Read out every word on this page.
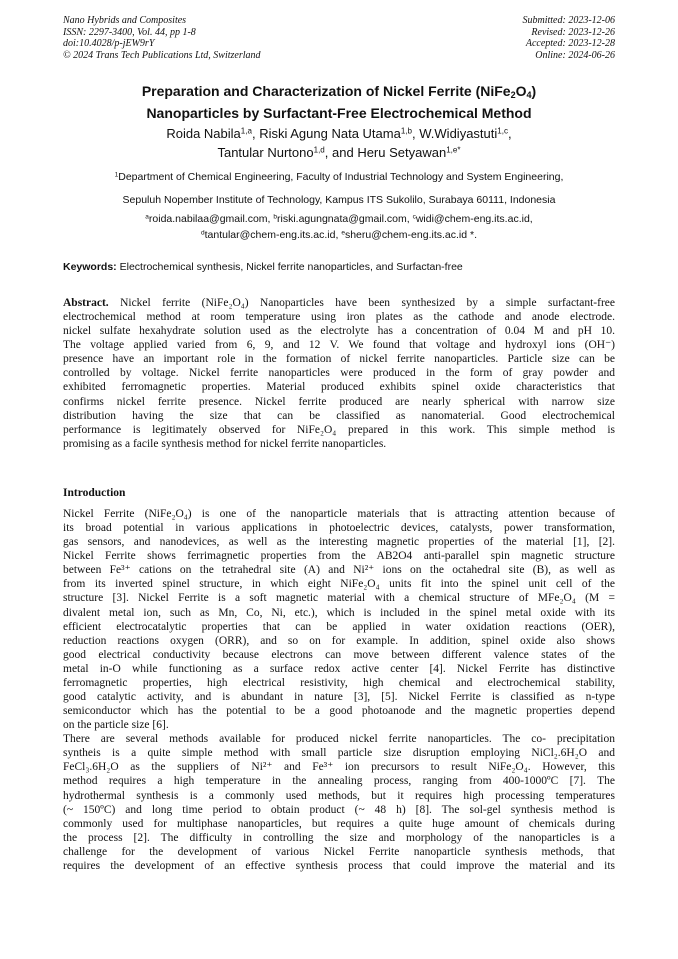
Nano Hybrids and Composites
ISSN: 2297-3400, Vol. 44, pp 1-8
doi:10.4028/p-jEW9rY
© 2024 Trans Tech Publications Ltd, Switzerland
Submitted: 2023-12-06
Revised: 2023-12-26
Accepted: 2023-12-28
Online: 2024-06-26
Preparation and Characterization of Nickel Ferrite $(NiFe_2O_4)$
Nanoparticles by Surfactant-Free Electrochemical Method
Roida Nabila$^{1,a}$, Riski Agung Nata Utama$^{1,b}$, W.Widiyastuti$^{1,c}$,
Tantular Nurtono$^{1,d}$, and Heru Setyawan$^{1,e*}$
$^1$Department of Chemical Engineering, Faculty of Industrial Technology and System Engineering,
Sepuluh Nopember Institute of Technology, Kampus ITS Sukolilo, Surabaya 60111, Indonesia
$^a$roida.nabilaa@gmail.com, $^b$riski.agungnata@gmail.com, $^c$widi@chem-eng.its.ac.id,
$^d$tantular@chem-eng.its.ac.id, $^e$sheru@chem-eng.its.ac.id *.
Keywords: Electrochemical synthesis, Nickel ferrite nanoparticles, and Surfactan-free
Abstract. Nickel ferrite (NiFe₂O₄) Nanoparticles have been synthesized by a simple surfactant-free
electrochemical method at room temperature using iron plates as the cathode and anode electrode.
nickel sulfate hexahydrate solution used as the electrolyte has a concentration of 0.04 M and pH 10.
The voltage applied varied from 6, 9, and 12 V. We found that voltage and hydroxyl ions (OH⁻)
presence have an important role in the formation of nickel ferrite nanoparticles. Particle size can be
controlled by voltage. Nickel ferrite nanoparticles were produced in the form of gray powder and
exhibited ferromagnetic properties. Material produced exhibits spinel oxide characteristics that
confirms nickel ferrite presence. Nickel ferrite produced are nearly spherical with narrow size
distribution having the size that can be classified as nanomaterial. Good electrochemical
performance is legitimately observed for NiFe₂O₄ prepared in this work. This simple method is
promising as a facile synthesis method for nickel ferrite nanoparticles.
Introduction
Nickel Ferrite (NiFe₂O₄) is one of the nanoparticle materials that is attracting attention because of
its broad potential in various applications in photoelectric devices, catalysts, power transformation,
gas sensors, and nanodevices, as well as the interesting magnetic properties of the material [1], [2].
Nickel Ferrite shows ferrimagnetic properties from the AB2O4 anti-parallel spin magnetic structure
between Fe³⁺ cations on the tetrahedral site (A) and Ni²⁺ ions on the octahedral site (B), as well as
from its inverted spinel structure, in which eight NiFe₂O₄ units fit into the spinel unit cell of the
structure [3]. Nickel Ferrite is a soft magnetic material with a chemical structure of MFe₂O₄ (M =
divalent metal ion, such as Mn, Co, Ni, etc.), which is included in the spinel metal oxide with its
efficient electrocatalytic properties that can be applied in water oxidation reactions (OER),
reduction reactions oxygen (ORR), and so on for example. In addition, spinel oxide also shows
good electrical conductivity because electrons can move between different valence states of the
metal in-O while functioning as a surface redox active center [4]. Nickel Ferrite has distinctive
ferromagnetic properties, high electrical resistivity, high chemical and electrochemical stability,
good catalytic activity, and is abundant in nature [3], [5]. Nickel Ferrite is classified as n-type
semiconductor which has the potential to be a good photoanode and the magnetic properties depend
on the particle size [6].
There are several methods available for produced nickel ferrite nanoparticles. The co- precipitation
syntheis is a quite simple method with small particle size disruption employing NiCl₂.6H₂O and
FeCl₃.6H₂O as the suppliers of Ni²⁺ and Fe³⁺ ion precursors to result NiFe₂O₄. However, this
method requires a high temperature in the annealing process, ranging from 400-1000ºC [7]. The
hydrothermal synthesis is a commonly used methods, but it requires high processing temperatures
(~ 150ºC) and long time period to obtain product (~ 48 h) [8]. The sol-gel synthesis method is
commonly used for multiphase nanoparticles, but requires a quite huge amount of chemicals during
the process [2]. The difficulty in controlling the size and morphology of the nanoparticles is a
challenge for the development of various Nickel Ferrite nanoparticle synthesis methods, that
requires the development of an effective synthesis process that could improve the material and its
